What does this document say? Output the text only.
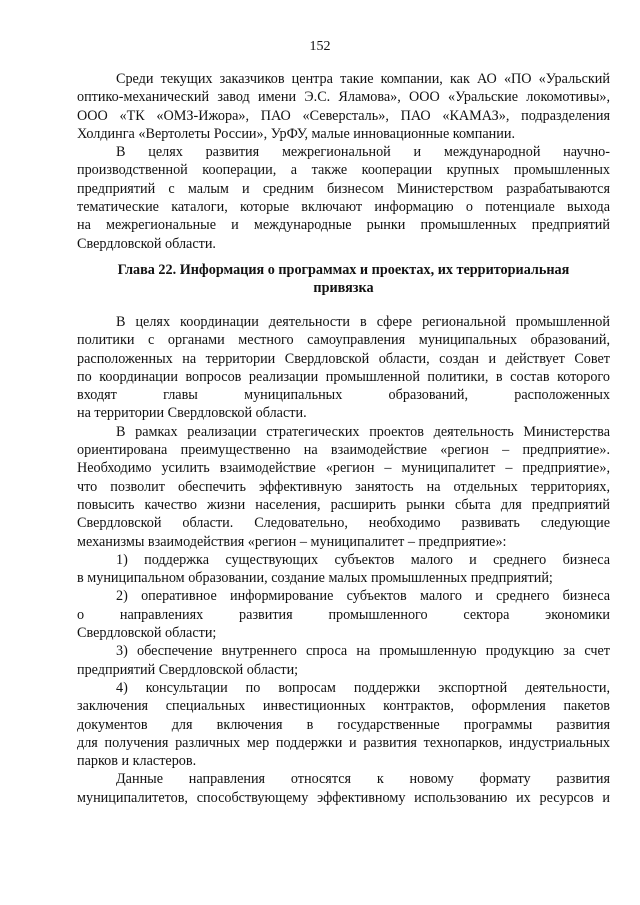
152
Среди текущих заказчиков центра такие компании, как АО «ПО «Уральский
оптико-механический завод имени Э.С. Яламова», ООО «Уральские локомотивы»,
ООО «ТК «ОМЗ-Ижора», ПАО «Северсталь», ПАО «КАМАЗ», подразделения
Холдинга «Вертолеты России», УрФУ, малые инновационные компании.
В целях развития межрегиональной и международной научно-
производственной кооперации, а также кооперации крупных промышленных
предприятий с малым и средним бизнесом Министерством разрабатываются
тематические каталоги, которые включают информацию о потенциале выхода
на межрегиональные и международные рынки промышленных предприятий
Свердловской области.
Глава 22. Информация о программах и проектах, их территориальная
привязка
В целях координации деятельности в сфере региональной промышленной
политики с органами местного самоуправления муниципальных образований,
расположенных на территории Свердловской области, создан и действует Совет
по координации вопросов реализации промышленной политики, в состав которого
входят главы муниципальных образований, расположенных
на территории Свердловской области.
В рамках реализации стратегических проектов деятельность Министерства
ориентирована преимущественно на взаимодействие «регион – предприятие».
Необходимо усилить взаимодействие «регион – муниципалитет – предприятие»,
что позволит обеспечить эффективную занятость на отдельных территориях,
повысить качество жизни населения, расширить рынки сбыта для предприятий
Свердловской области. Следовательно, необходимо развивать следующие
механизмы взаимодействия «регион – муниципалитет – предприятие»:
1) поддержка существующих субъектов малого и среднего бизнеса
в муниципальном образовании, создание малых промышленных предприятий;
2) оперативное информирование субъектов малого и среднего бизнеса
о направлениях развития промышленного сектора экономики
Свердловской области;
3) обеспечение внутреннего спроса на промышленную продукцию за счет
предприятий Свердловской области;
4) консультации по вопросам поддержки экспортной деятельности,
заключения специальных инвестиционных контрактов, оформления пакетов
документов для включения в государственные программы развития
для получения различных мер поддержки и развития технопарков, индустриальных
парков и кластеров.
Данные направления относятся к новому формату развития
муниципалитетов, способствующему эффективному использованию их ресурсов и
